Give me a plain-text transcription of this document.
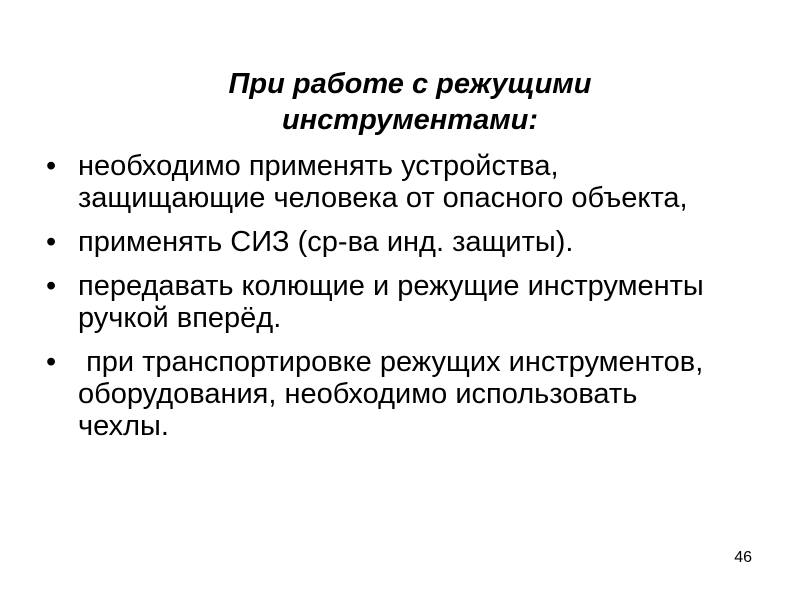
При работе с режущими
инструментами:
• необходимо применять устройства, защищающие человека от опасного объекта,
• применять СИЗ (ср-ва инд. защиты).
• передавать колющие и режущие инструменты ручкой вперёд.
• при транспортировке режущих инструментов, оборудования, необходимо использовать чехлы.
46
